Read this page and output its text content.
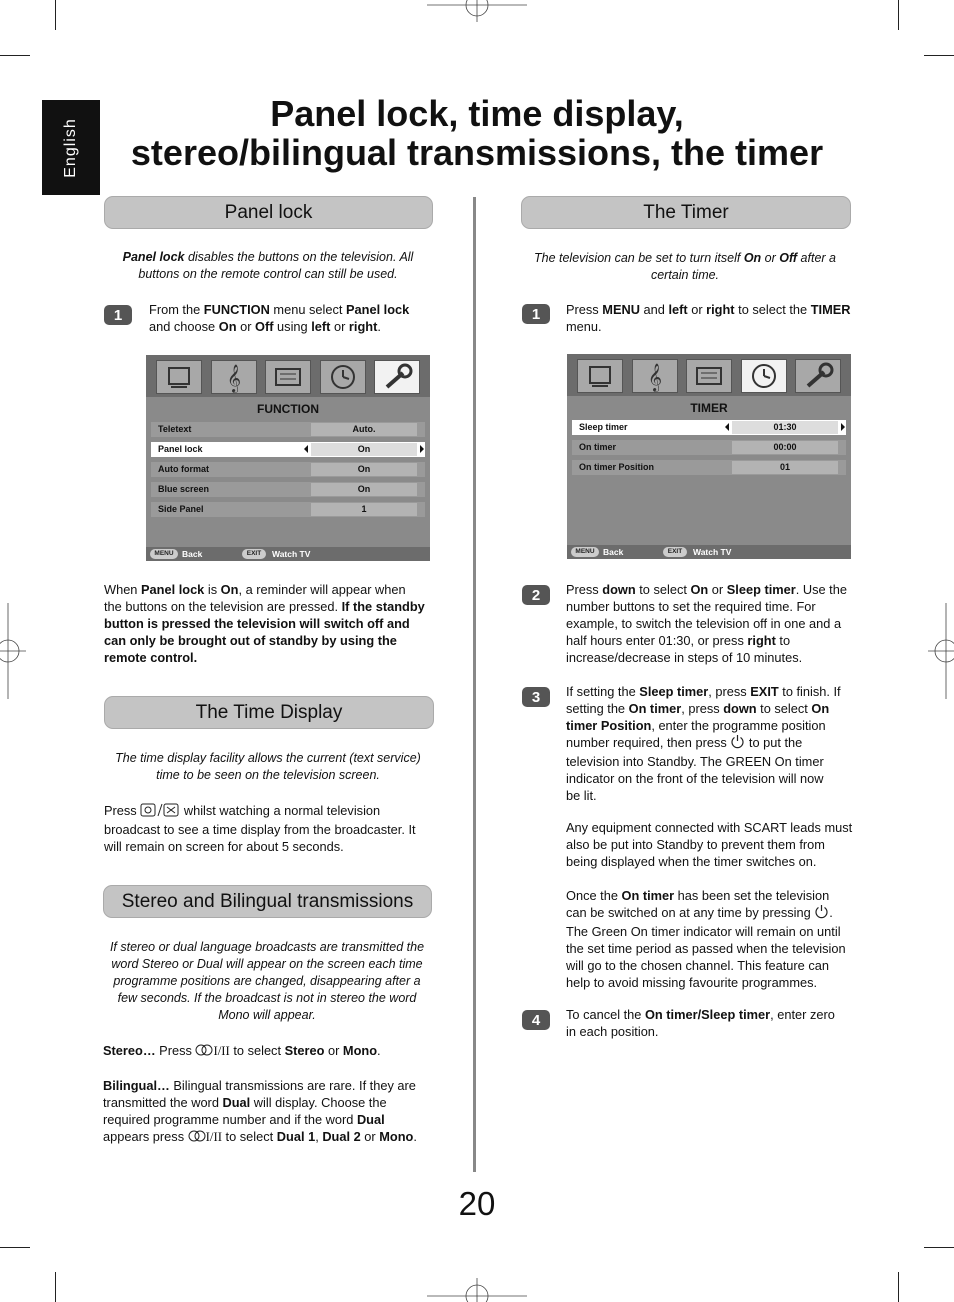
English
Panel lock, time display,
stereo/bilingual transmissions, the timer
Panel lock
Panel lock disables the buttons on the television. All
buttons on the remote control can still be used.
1 From the FUNCTION menu select Panel lock
and choose On or Off using left or right.
𝄞
FUNCTION
Teletext	Auto.
Panel lock	On
Auto format	On
Blue screen	On
Side Panel	1
MENU Back	EXIT	Watch TV
When Panel lock is On, a reminder will appear when
the buttons on the television are pressed. If the standby
button is pressed the television will switch off and
can only be brought out of standby by using the
remote control.
The Time Display
The time display facility allows the current (text service)
time to be seen on the television screen.
Press	whilst watching a normal television
broadcast to see a time display from the broadcaster. It
will remain on screen for about 5 seconds.
Stereo and Bilingual transmissions
If stereo or dual language broadcasts are transmitted the
word Stereo or Dual will appear on the screen each time
programme positions are changed, disappearing after a
few seconds. If the broadcast is not in stereo the word
Mono will appear.
Stereo… Press I/II to select Stereo or Mono.
Bilingual… Bilingual transmissions are rare. If they are
transmitted the word Dual will display. Choose the
required programme number and if the word Dual
appears press I/II to select Dual 1, Dual 2 or Mono.
The Timer
The television can be set to turn itself On or Off after a
certain time.
1 Press MENU and left or right to select the TIMER
menu.
𝄞
TIMER
Sleep timer	01:30
On timer	00:00
On timer Position	01
MENU Back	EXIT	Watch TV
2 Press down to select On or Sleep timer. Use the
number buttons to set the required time. For
example, to switch the television off in one and a
half hours enter 01:30, or press right to
increase/decrease in steps of 10 minutes.
3 If setting the Sleep timer, press EXIT to finish. If
setting the On timer, press down to select On
timer Position, enter the programme position
number required, then press  to put the
television into Standby. The GREEN On timer
indicator on the front of the television will now
be lit.
Any equipment connected with SCART leads must
also be put into Standby to prevent them from
being displayed when the timer switches on.
Once the On timer has been set the television
can be switched on at any time by pressing .
The Green On timer indicator will remain on until
the set time period as passed when the television
will go to the chosen channel. This feature can
help to avoid missing favourite programmes.
4 To cancel the On timer/Sleep timer, enter zero
in each position.
20
